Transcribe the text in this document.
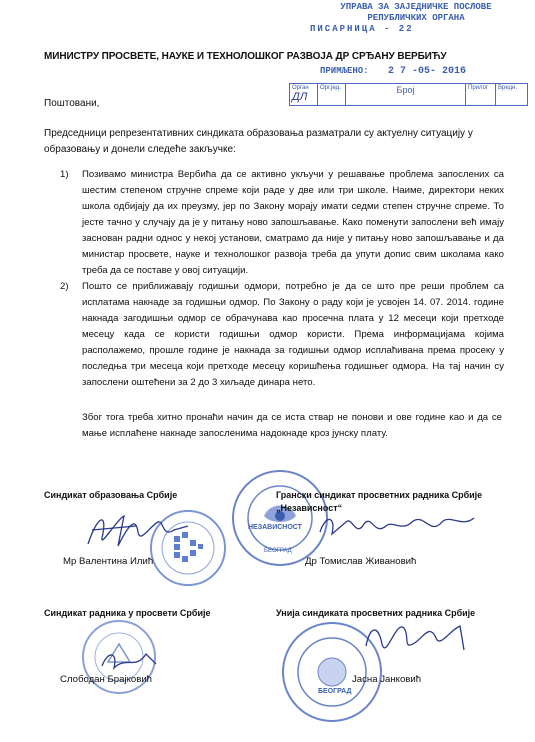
УПРАВА ЗА ЗАЈЕДНИЧКЕ ПОСЛОВЕ
РЕПУБЛИЧКИХ ОРГАНА
ПИСАРНИЦА - 22
ПРИМЉЕНО: 2 7 -05- 2016
Орган
ДЛ
Орг.јед.	Број	Прилог	Вредн.
МИНИСТРУ ПРОСВЕТЕ, НАУКЕ И ТЕХНОЛОШКОГ РАЗВОЈА ДР СРЂАНУ ВЕРБИЋУ
Поштовани,
Председници репрезентативних синдиката образовања разматрали су актуелну ситуацију у образовању и донели следеће закључке:

1) Позивамо министра Вербића да се активно укључи у решавање проблема запослених са шестим степеном стручне спреме који раде у две или три школе. Наиме, директори неких школа одбијају да их преузму, јер по Закону морају имати седми степен стручне спреме. То јесте тачно у случају да је у питању ново запошљавање. Како поменути запослени већ имају заснован радни однос у некој установи, сматрамо да није у питању ново запошљавање и да министар просвете, науке и технолошког развоја треба да упути допис свим школама како треба да се поставе у овој ситуацији.

2) Пошто се приближавају годишњи одмори, потребно је да се што пре реши проблем са исплатама накнаде за годишњи одмор. По Закону о раду који је усвојен 14. 07. 2014. године накнада загодишњи одмор се обрачунава као просечна плата у 12 месеци који претходе месецу када се користи годишњи одмор користи. Према информацијама којима располажемо, прошле године је накнада за годишњи одмор исплаћивана према просеку у последња три месеца који претходе месецу коришћења годишњег одмора. На тај начин су запослени оштећени за 2 до 3 хиљаде динара нето.

Због тога треба хитно пронаћи начин да се иста ствар не понови и ове године као и да се мање исплаћене накнаде запосленима надокнаде кроз јунску плату.
Синдикат образовања Србије
Мр Валентина Илић
НЕЗАВИСНОСТ
БЕОГРАД
Грански синдикат просветних радника Србије „Независност“
Др Томислав Живановић
Синдикат радника у просвети Србије
Слободан Брајковић
Унија синдиката просветних радника Србије
БЕОГРАД
Јасна Јанковић
